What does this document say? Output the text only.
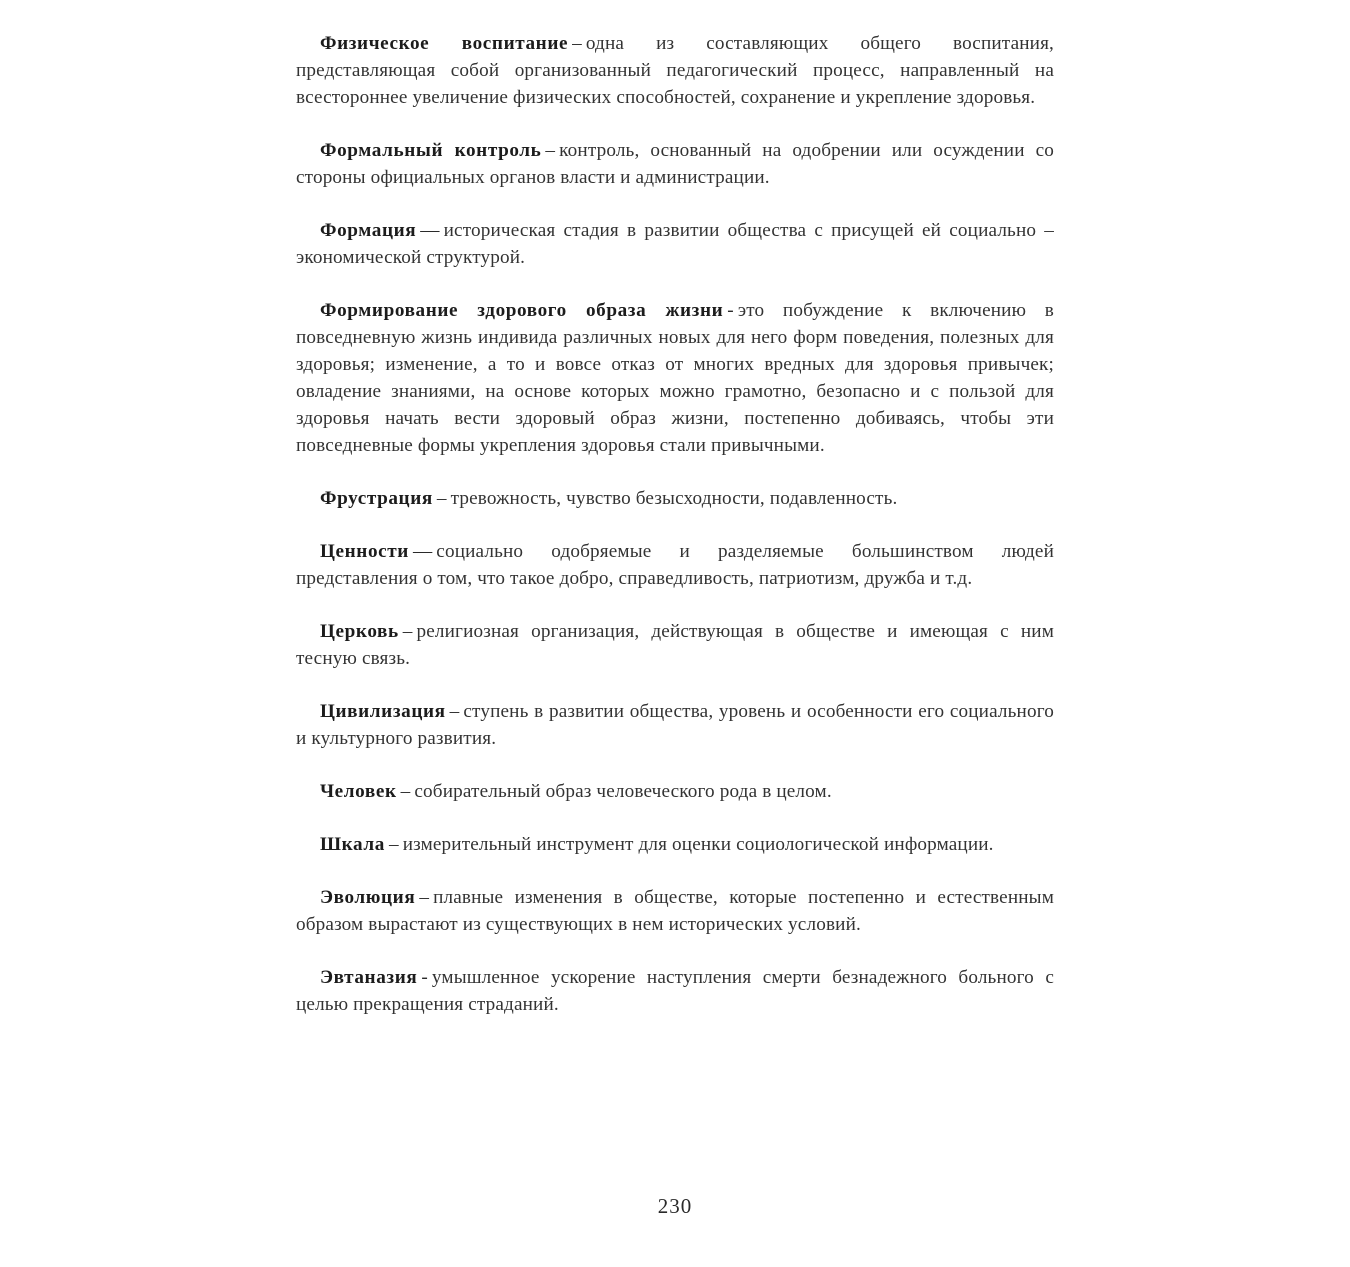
Физическое воспитание – одна из составляющих общего воспитания, представляющая собой организованный педагогический процесс, направленный на всестороннее увеличение физических способностей, сохранение и укрепление здоровья.

Формальный контроль – контроль, основанный на одобрении или осуждении со стороны официальных органов власти и администрации.

Формация — историческая стадия в развитии общества с присущей ей социально – экономической структурой.

Формирование здорового образа жизни - это побуждение к включению в повседневную жизнь индивида различных новых для него форм поведения, полезных для здоровья; изменение, а то и вовсе отказ от многих вредных для здоровья привычек; овладение знаниями, на основе которых можно грамотно, безопасно и с пользой для здоровья начать вести здоровый образ жизни, постепенно добиваясь, чтобы эти повседневные формы укрепления здоровья стали привычными.

Фрустрация – тревожность, чувство безысходности, подавленность.

Ценности — социально одобряемые и разделяемые большинством людей представления о том, что такое добро, справедливость, патриотизм, дружба и т.д.

Церковь – религиозная организация, действующая в обществе и имеющая с ним тесную связь.

Цивилизация – ступень в развитии общества, уровень и особенности его социального и культурного развития.

Человек – собирательный образ человеческого рода в целом.

Шкала – измерительный инструмент для оценки социологической информации.

Эволюция – плавные изменения в обществе, которые постепенно и естественным образом вырастают из существующих в нем исторических условий.

Эвтаназия - умышленное ускорение наступления смерти безнадежного больного с целью прекращения страданий.

230
